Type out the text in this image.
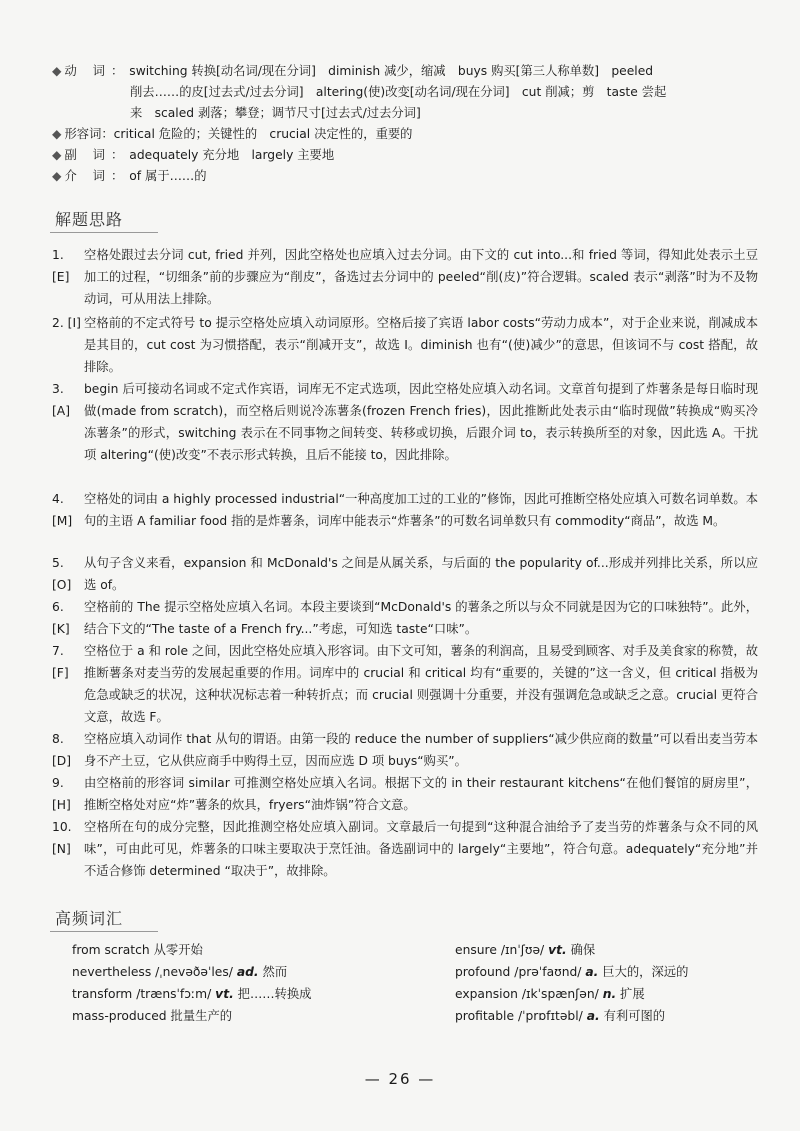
◆ 动 词：switching 转换[动名词/现在分词]　diminish 减少，缩减　buys 购买[第三人称单数]　peeled
削去……的皮[过去式/过去分词]　altering(使)改变[动名词/现在分词]　cut 削减；剪　taste 尝起
来　scaled 剥落；攀登；调节尺寸[过去式/过去分词]
◆ 形容词：critical 危险的；关键性的　crucial 决定性的，重要的
◆ 副 词：adequately 充分地　largely 主要地
◆ 介 词：of 属于……的
解题思路
1. [E]
空格处跟过去分词 cut, fried 并列，因此空格处也应填入过去分词。由下文的 cut into...和 fried 等词，得知此处表示土豆加工的过程，“切细条”前的步骤应为“削皮”，备选过去分词中的 peeled“削(皮)”符合逻辑。scaled 表示“剥落”时为不及物动词，可从用法上排除。
2. [I] 空格前的不定式符号 to 提示空格处应填入动词原形。空格后接了宾语 labor costs“劳动力成本”，对于企业来说，削减成本是其目的，cut cost 为习惯搭配，表示“削减开支”，故选 I。diminish 也有“(使)减少”的意思，但该词不与 cost 搭配，故排除。
3. [A]
begin 后可接动名词或不定式作宾语，词库无不定式选项，因此空格处应填入动名词。文章首句提到了炸薯条是每日临时现做(made from scratch)，而空格后则说冷冻薯条(frozen French fries)，因此推断此处表示由“临时现做”转换成“购买冷冻薯条”的形式，switching 表示在不同事物之间转变、转移或切换，后跟介词 to，表示转换所至的对象，因此选 A。干扰项 altering“(使)改变”不表示形式转换，且后不能接 to，因此排除。
4. [M]
空格处的词由 a highly processed industrial“一种高度加工过的工业的”修饰，因此可推断空格处应填入可数名词单数。本句的主语 A familiar food 指的是炸薯条，词库中能表示“炸薯条”的可数名词单数只有 commodity“商品”，故选 M。
5. [O]
从句子含义来看，expansion 和 McDonald's 之间是从属关系，与后面的 the popularity of...形成并列排比关系，所以应选 of。
6. [K]
空格前的 The 提示空格处应填入名词。本段主要谈到“McDonald's 的薯条之所以与众不同就是因为它的口味独特”。此外，结合下文的“The taste of a French fry...”考虑，可知选 taste“口味”。
7. [F]
空格位于 a 和 role 之间，因此空格处应填入形容词。由下文可知，薯条的利润高，且易受到顾客、对手及美食家的称赞，故推断薯条对麦当劳的发展起重要的作用。词库中的 crucial 和 critical 均有“重要的，关键的”这一含义，但 critical 指极为危急或缺乏的状况，这种状况标志着一种转折点；而 crucial 则强调十分重要，并没有强调危急或缺乏之意。crucial 更符合文意，故选 F。
8. [D]
空格应填入动词作 that 从句的谓语。由第一段的 reduce the number of suppliers“减少供应商的数量”可以看出麦当劳本身不产土豆，它从供应商手中购得土豆，因而应选 D 项 buys“购买”。
9. [H]
由空格前的形容词 similar 可推测空格处应填入名词。根据下文的 in their restaurant kitchens“在他们餐馆的厨房里”，推断空格处对应“炸”薯条的炊具，fryers“油炸锅”符合文意。
10. [N]
空格所在句的成分完整，因此推测空格处应填入副词。文章最后一句提到“这种混合油给予了麦当劳的炸薯条与众不同的风味”，可由此可见，炸薯条的口味主要取决于烹饪油。备选副词中的 largely“主要地”，符合句意。adequately“充分地”并不适合修饰 determined “取决于”，故排除。
高频词汇
from scratch 从零开始
nevertheless /ˌnevəðəˈles/ ad. 然而
transform /trænsˈfɔːm/ vt. 把……转换成
mass-produced 批量生产的
ensure /ɪnˈʃʊə/ vt. 确保
profound /prəˈfaʊnd/ a. 巨大的，深远的
expansion /ɪkˈspænʃən/ n. 扩展
profitable /ˈprɒfɪtəbl/ a. 有利可图的
— 26 —
